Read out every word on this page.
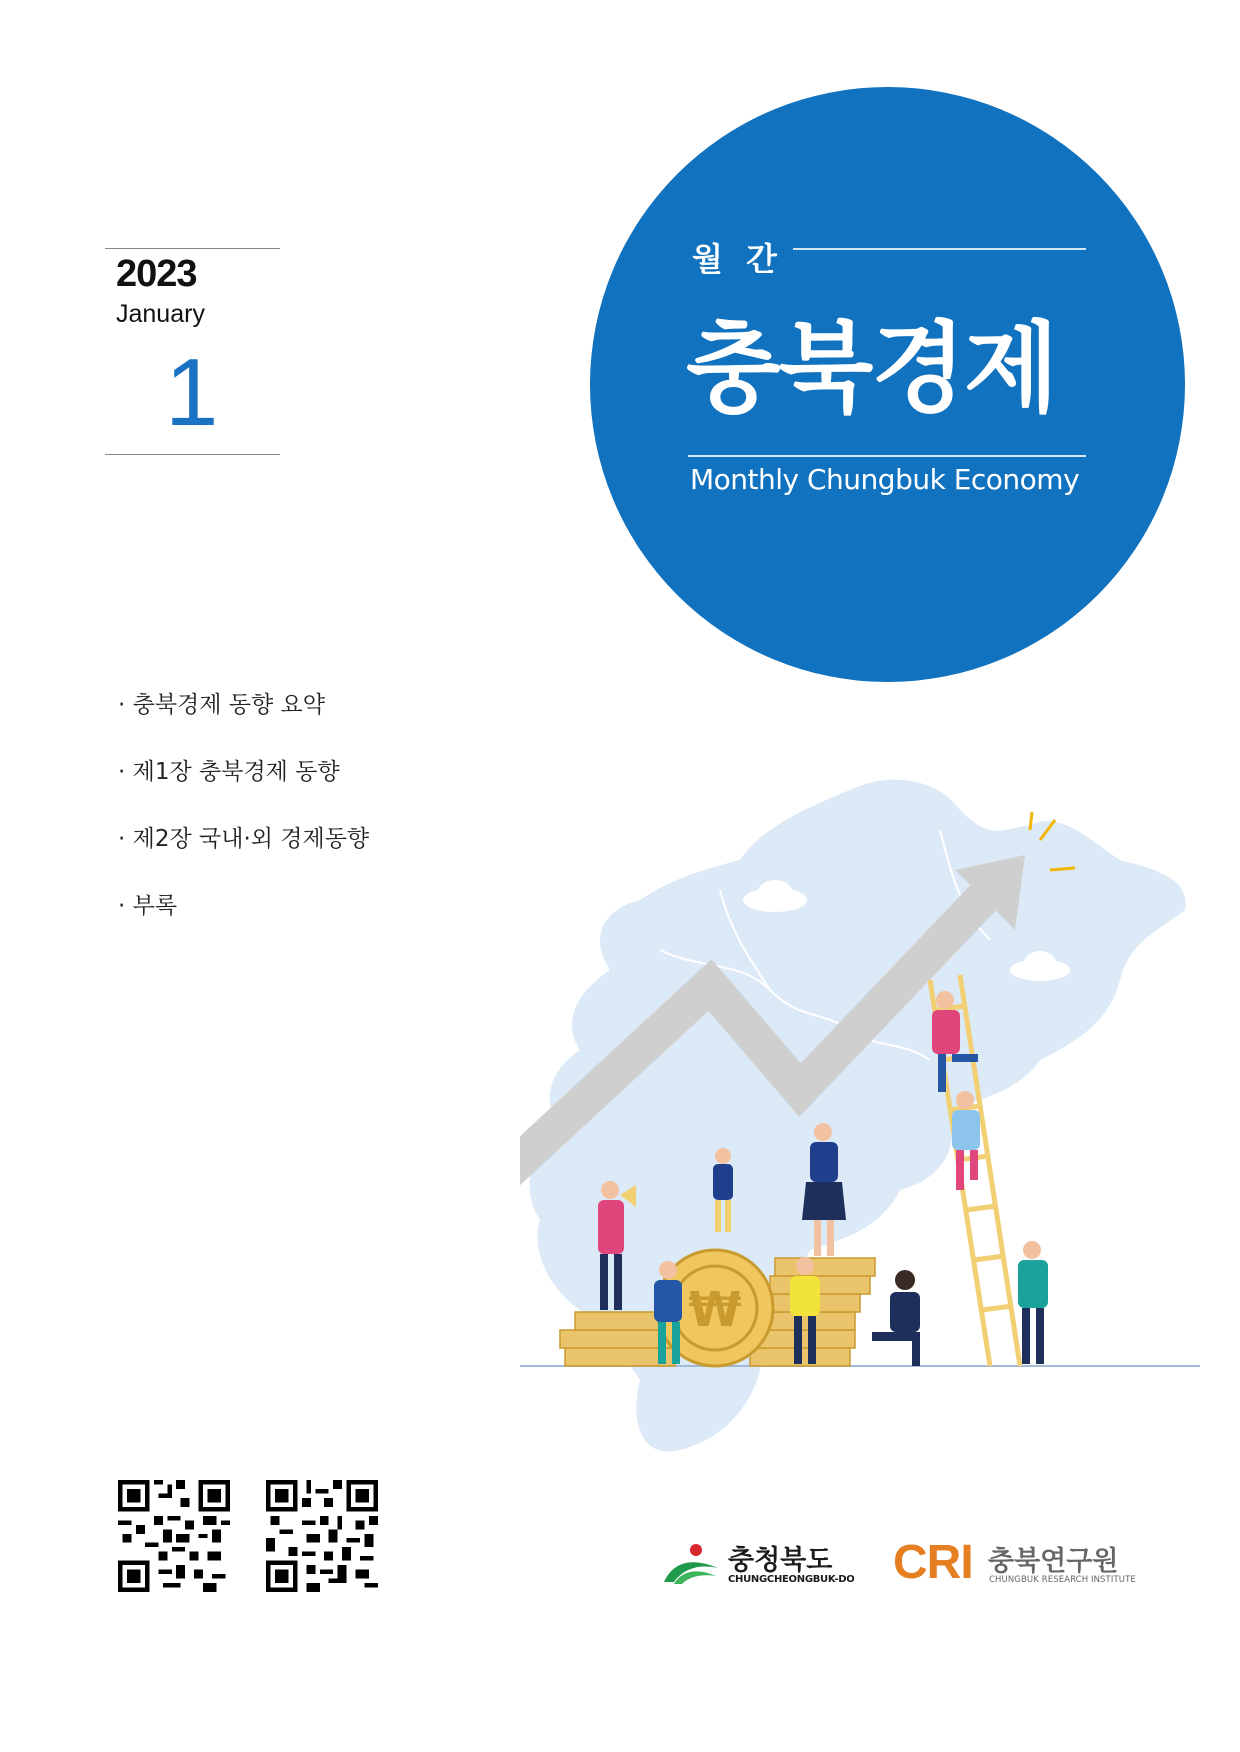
2023
January
1
월 간
충북경제
Monthly Chungbuk Economy
· 충북경제 동향 요약
· 제1장 충북경제 동향
· 제2장 국내·외 경제동향
· 부록
₩
충청북도
CHUNGCHEONGBUK-DO CRI 충북연구원
CHUNGBUK RESEARCH INSTITUTE
